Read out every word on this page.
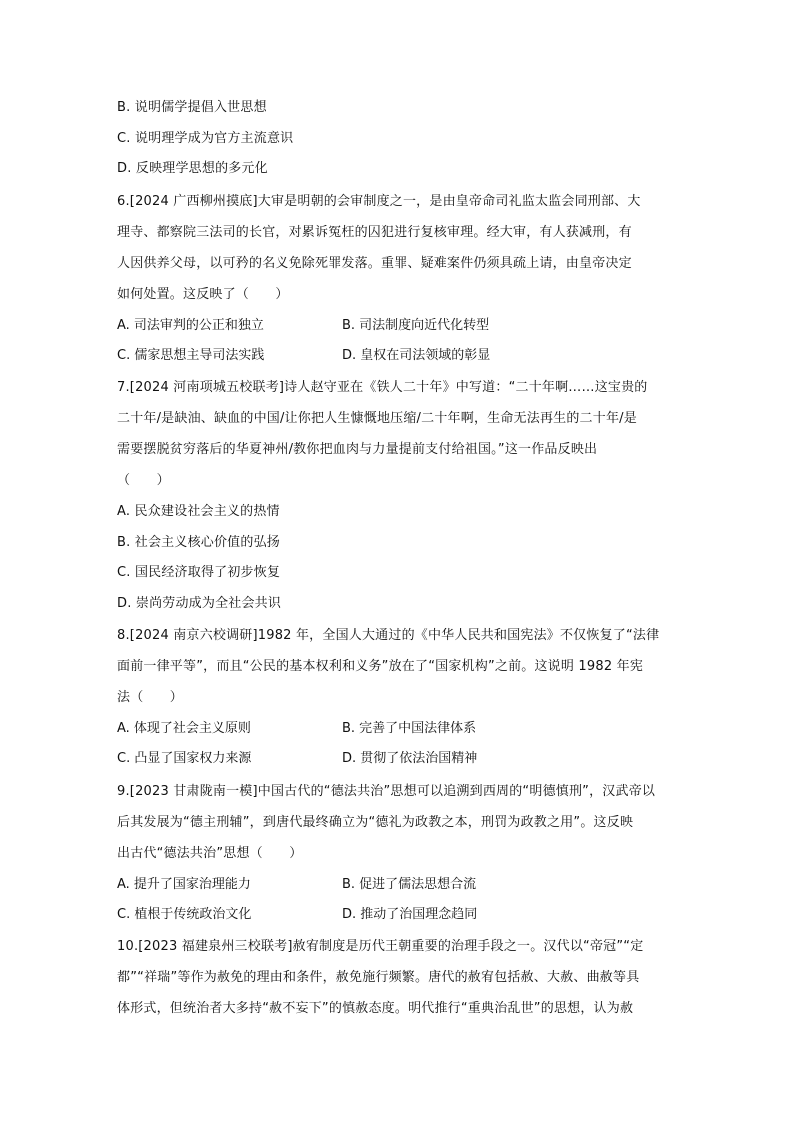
B. 说明儒学提倡入世思想
C. 说明理学成为官方主流意识
D. 反映理学思想的多元化
6.[2024 广西柳州摸底]大审是明朝的会审制度之一，是由皇帝命司礼监太监会同刑部、大
理寺、都察院三法司的长官，对累诉冤枉的囚犯进行复核审理。经大审，有人获减刑，有
人因供养父母，以可矜的名义免除死罪发落。重罪、疑难案件仍须具疏上请，由皇帝决定
如何处置。这反映了（　　）
A. 司法审判的公正和独立	B. 司法制度向近代化转型
C. 儒家思想主导司法实践	D. 皇权在司法领域的彰显
7.[2024 河南项城五校联考]诗人赵守亚在《铁人二十年》中写道：“二十年啊……这宝贵的
二十年/是缺油、缺血的中国/让你把人生慷慨地压缩/二十年啊，生命无法再生的二十年/是
需要摆脱贫穷落后的华夏神州/教你把血肉与力量提前支付给祖国。”这一作品反映出
（　　）
A. 民众建设社会主义的热情
B. 社会主义核心价值的弘扬
C. 国民经济取得了初步恢复
D. 崇尚劳动成为全社会共识
8.[2024 南京六校调研]1982 年，全国人大通过的《中华人民共和国宪法》不仅恢复了“法律
面前一律平等”，而且“公民的基本权利和义务”放在了“国家机构”之前。这说明 1982 年宪
法（　　）
A. 体现了社会主义原则	B. 完善了中国法律体系
C. 凸显了国家权力来源	D. 贯彻了依法治国精神
9.[2023 甘肃陇南一模]中国古代的“德法共治”思想可以追溯到西周的“明德慎刑”，汉武帝以
后其发展为“德主刑辅”，到唐代最终确立为“德礼为政教之本，刑罚为政教之用”。这反映
出古代“德法共治”思想（　　）
A. 提升了国家治理能力	B. 促进了儒法思想合流
C. 植根于传统政治文化	D. 推动了治国理念趋同
10.[2023 福建泉州三校联考]赦宥制度是历代王朝重要的治理手段之一。汉代以“帝冠”“定
都”“祥瑞”等作为赦免的理由和条件，赦免施行频繁。唐代的赦宥包括赦、大赦、曲赦等具
体形式，但统治者大多持“赦不妄下”的慎赦态度。明代推行“重典治乱世”的思想，认为赦
